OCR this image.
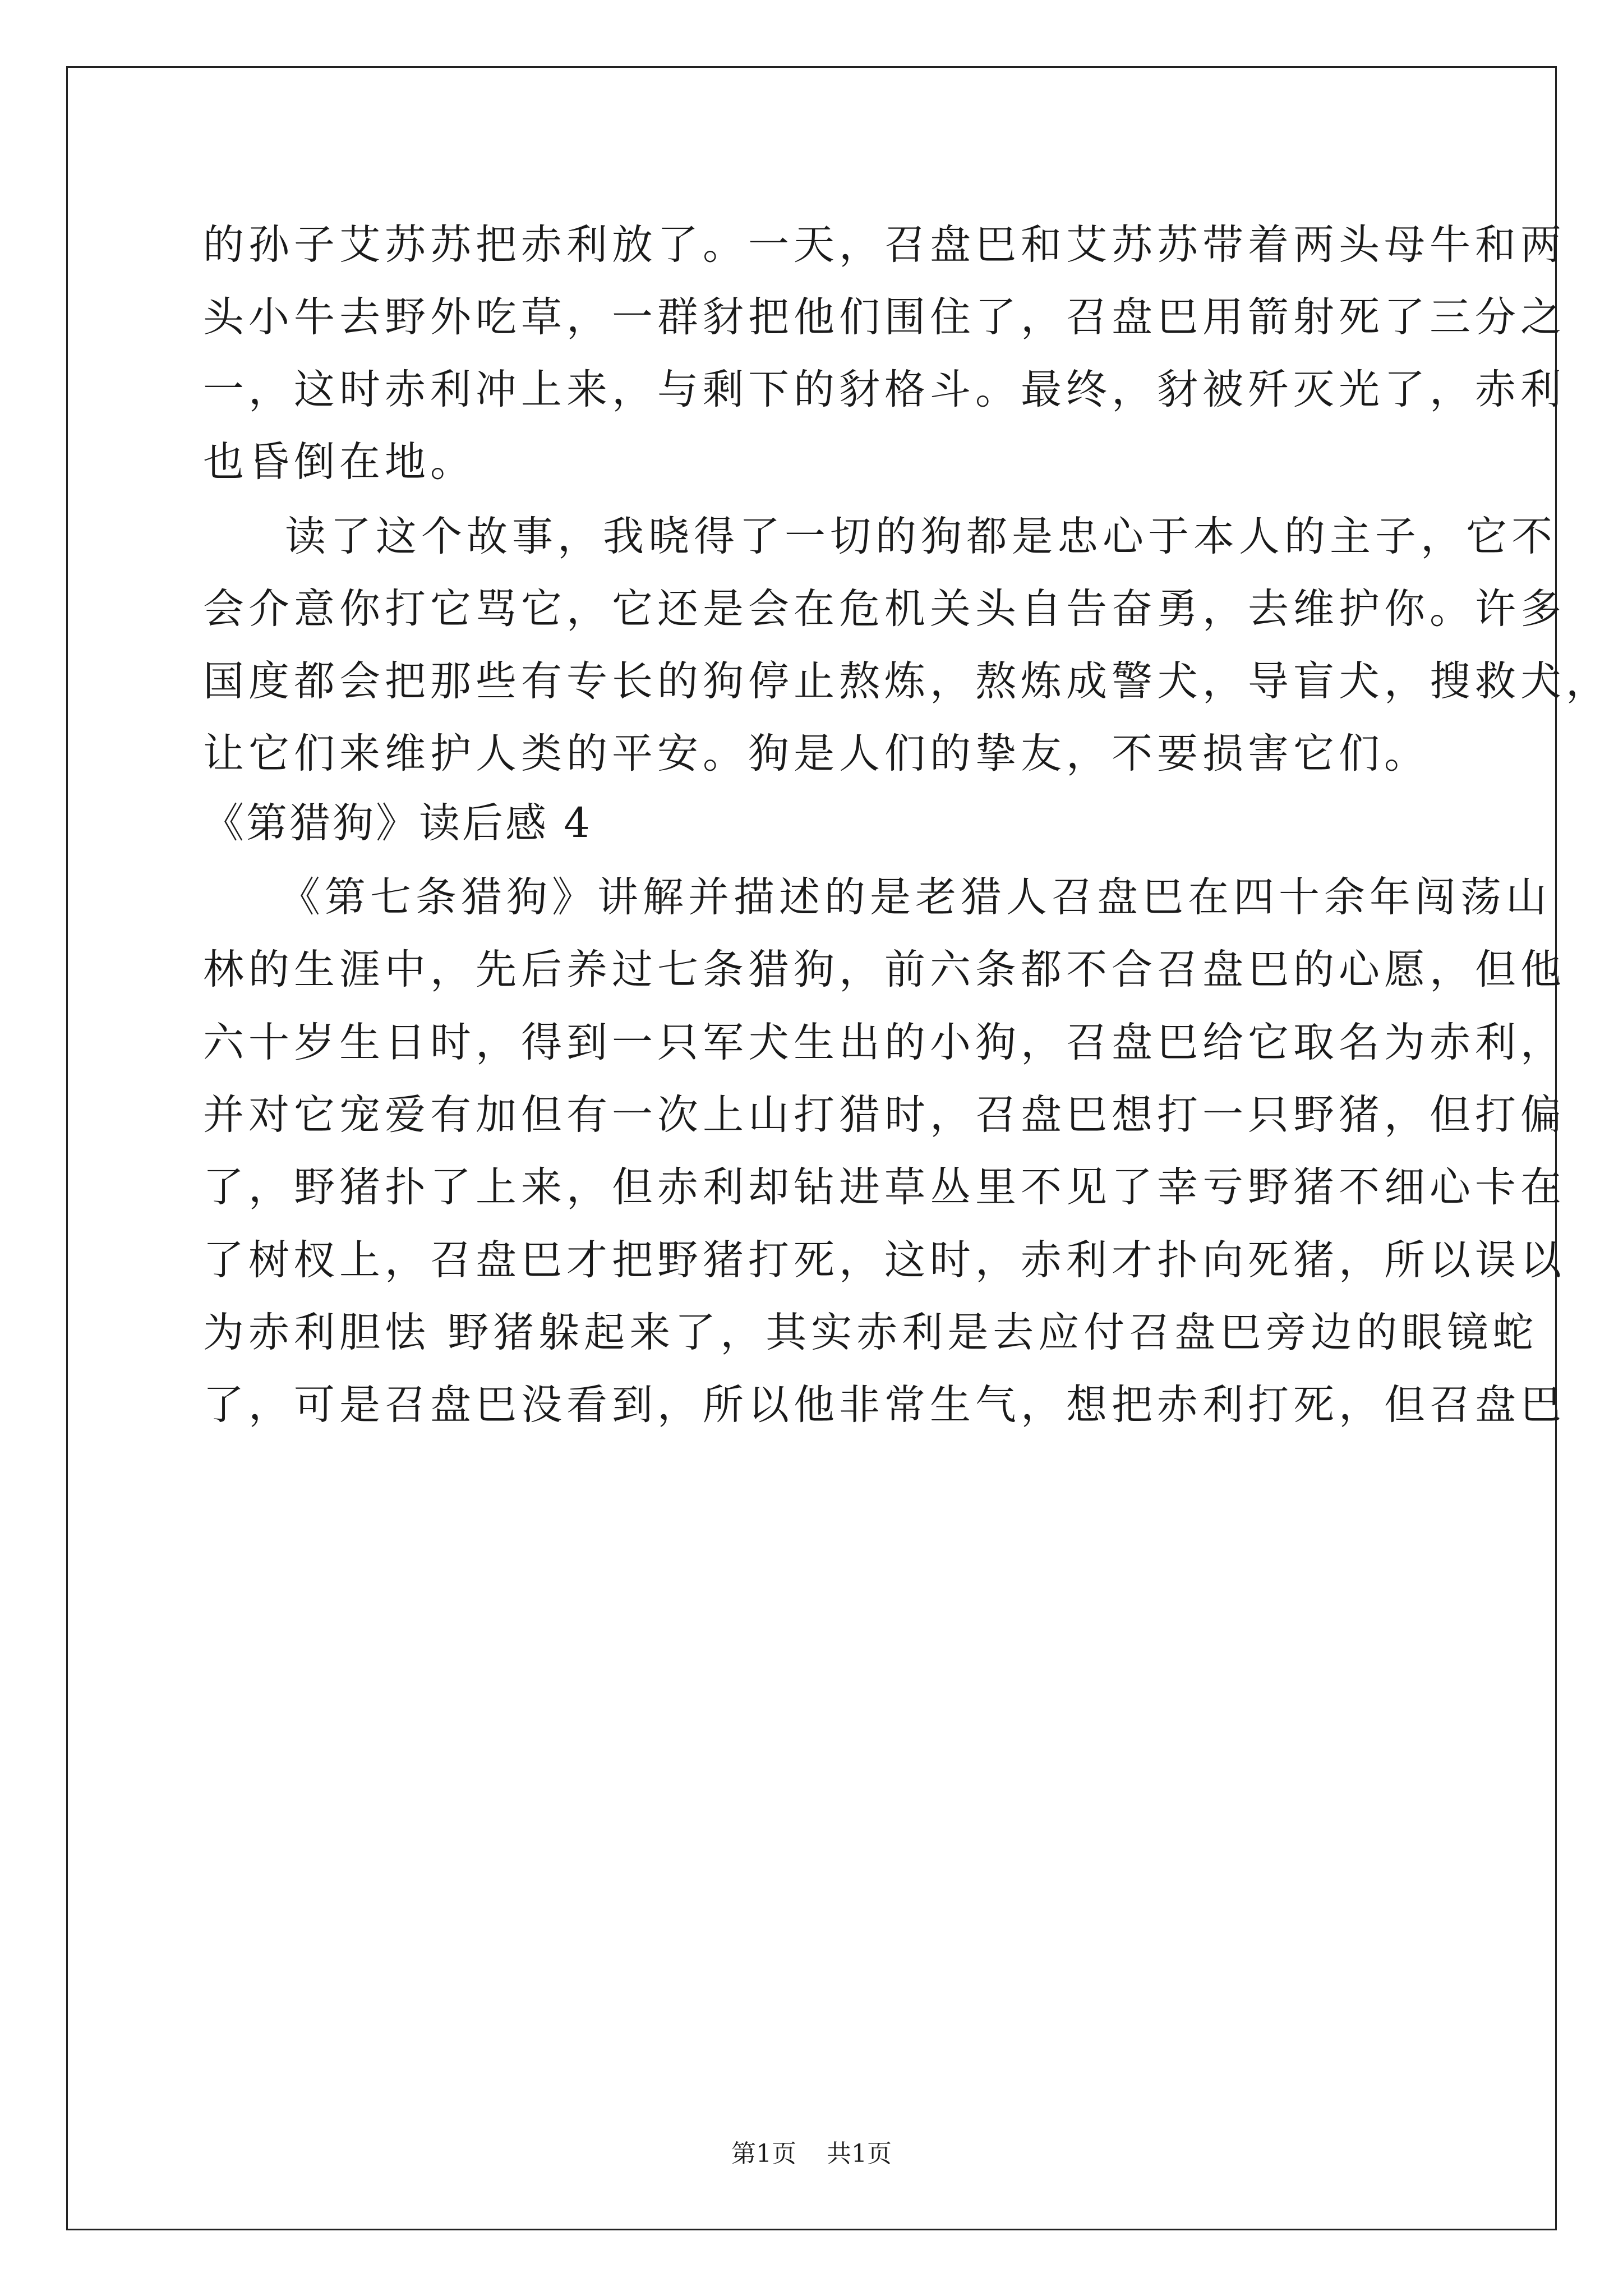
的孙子艾苏苏把赤利放了。一天，召盘巴和艾苏苏带着两头母牛和两
头小牛去野外吃草，一群豺把他们围住了，召盘巴用箭射死了三分之
一，这时赤利冲上来，与剩下的豺格斗。最终，豺被歼灭光了，赤利
也昏倒在地。
读了这个故事，我晓得了一切的狗都是忠心于本人的主子，它不
会介意你打它骂它，它还是会在危机关头自告奋勇，去维护你。许多
国度都会把那些有专长的狗停止熬炼，熬炼成警犬，导盲犬，搜救犬，
让它们来维护人类的平安。狗是人们的挚友，不要损害它们。
《第猎狗》读后感 4
《第七条猎狗》讲解并描述的是老猎人召盘巴在四十余年闯荡山
林的生涯中，先后养过七条猎狗，前六条都不合召盘巴的心愿，但他
六十岁生日时，得到一只军犬生出的小狗，召盘巴给它取名为赤利，
并对它宠爱有加但有一次上山打猎时，召盘巴想打一只野猪，但打偏
了，野猪扑了上来，但赤利却钻进草丛里不见了幸亏野猪不细心卡在
了树杈上，召盘巴才把野猪打死，这时，赤利才扑向死猪，所以误以
为赤利胆怯 野猪躲起来了，其实赤利是去应付召盘巴旁边的眼镜蛇
了，可是召盘巴没看到，所以他非常生气，想把赤利打死，但召盘巴
第1页 共1页
